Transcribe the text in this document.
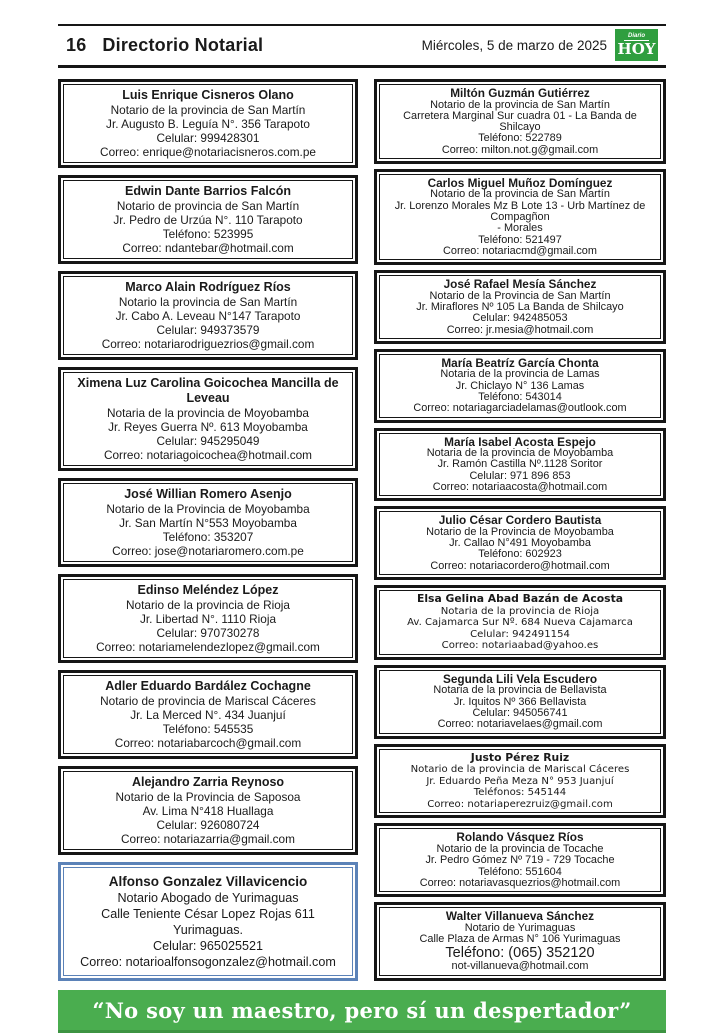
16 Directorio Notarial	Miércoles, 5 de marzo de 2025
Diario
HOY
Luis Enrique Cisneros Olano
Notario de la provincia de San Martín
Jr. Augusto B. Leguía N°. 356 Tarapoto
Celular: 999428301
Correo: enrique@notariacisneros.com.pe
Edwin Dante Barrios Falcón
Notario de provincia de San Martín
Jr. Pedro de Urzúa N°. 110 Tarapoto
Teléfono: 523995
Correo: ndantebar@hotmail.com
Marco Alain Rodríguez Ríos
Notario la provincia de San Martín
Jr. Cabo A. Leveau N°147 Tarapoto
Celular: 949373579
Correo: notariarodriguezrios@gmail.com
Ximena Luz Carolina Goicochea Mancilla de Leveau
Notaria de la provincia de Moyobamba
Jr. Reyes Guerra Nº. 613 Moyobamba
Celular: 945295049
Correo: notariagoicochea@hotmail.com
José Willian Romero Asenjo
Notario de la Provincia de Moyobamba
Jr. San Martín N°553 Moyobamba
Teléfono: 353207
Correo: jose@notariaromero.com.pe
Edinso Meléndez López
Notario de la provincia de Rioja
Jr. Libertad N°. 1110 Rioja
Celular: 970730278
Correo: notariamelendezlopez@gmail.com
Adler Eduardo Bardález Cochagne
Notario de provincia de Mariscal Cáceres
Jr. La Merced N°. 434 Juanjuí
Teléfono: 545535
Correo: notariabarcoch@gmail.com
Alejandro Zarria Reynoso
Notario de la Provincia de Saposoa
Av. Lima N°418 Huallaga
Celular: 926080724
Correo: notariazarria@gmail.com
Alfonso Gonzalez Villavicencio
Notario Abogado de Yurimaguas
Calle Teniente César Lopez Rojas 611 Yurimaguas.
Celular: 965025521
Correo: notarioalfonsogonzalez@hotmail.com
Miltón Guzmán Gutiérrez
Notario de la provincia de San Martín
Carretera Marginal Sur cuadra 01 - La Banda de Shilcayo
Teléfono: 522789
Correo: milton.not.g@gmail.com
Carlos Miguel Muñoz Domínguez
Notario de la provincia de San Martín
Jr. Lorenzo Morales Mz B Lote 13 - Urb Martínez de Compagñon
- Morales
Teléfono: 521497
Correo: notariacmd@gmail.com
José Rafael Mesía Sánchez
Notario de la Provincia de San Martín
Jr. Miraflores Nº 105 La Banda de Shilcayo
Celular: 942485053
Correo: jr.mesia@hotmail.com
María Beatríz García Chonta
Notaria de la provincia de Lamas
Jr. Chiclayo N° 136 Lamas
Teléfono: 543014
Correo: notariagarciadelamas@outlook.com
María Isabel Acosta Espejo
Notaria de la provincia de Moyobamba
Jr. Ramón Castilla Nº.1128 Soritor
Celular: 971 896 853
Correo: notariaacosta@hotmail.com
Julio César Cordero Bautista
Notario de la Provincia de Moyobamba
Jr. Callao N°491 Moyobamba
Teléfono: 602923
Correo: notariacordero@hotmail.com
Elsa Gelina Abad Bazán de Acosta
Notaria de la provincia de Rioja
Av. Cajamarca Sur Nº. 684 Nueva Cajamarca
Celular: 942491154
Correo: notariaabad@yahoo.es
Segunda Lili Vela Escudero
Notaria de la provincia de Bellavista
Jr. Iquitos Nº 366 Bellavista
Celular: 945056741
Correo: notariavelaes@gmail.com
Justo Pérez Ruiz
Notario de la provincia de Mariscal Cáceres
Jr. Eduardo Peña Meza N° 953 Juanjuí
Teléfonos: 545144
Correo: notariaperezruiz@gmail.com
Rolando Vásquez Ríos
Notario de la provincia de Tocache
Jr. Pedro Gómez Nº 719 - 729 Tocache
Teléfono: 551604
Correo: notariavasquezrios@hotmail.com
Walter Villanueva Sánchez
Notario de Yurimaguas
Calle Plaza de Armas N° 106 Yurimaguas
Teléfono: (065) 352120
not-villanueva@hotmail.com
“No soy un maestro, pero sí un despertador”
